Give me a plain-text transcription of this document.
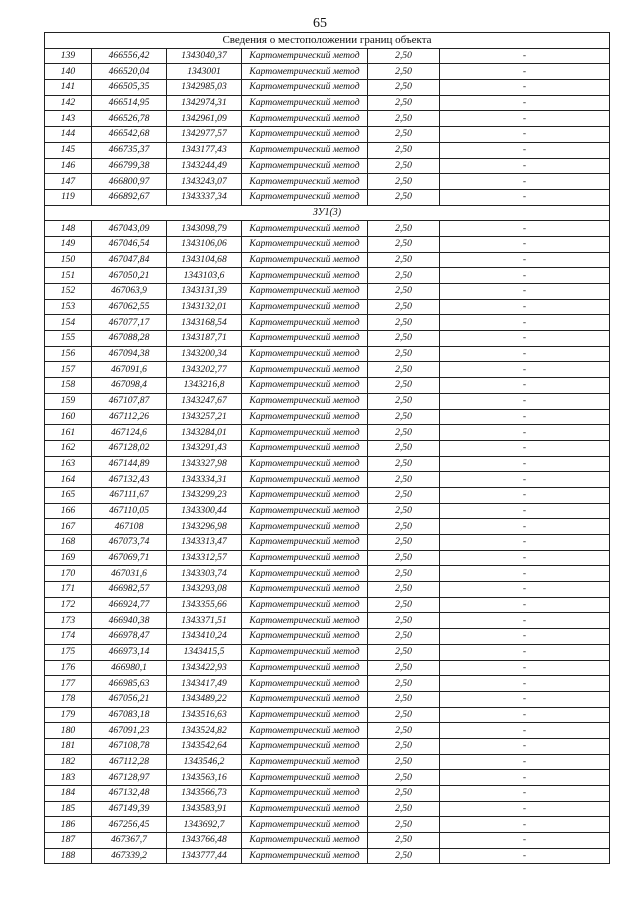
65
Сведения о местоположении границ объекта					
139	466556,42	1343040,37	Картометрический метод	2,50	-
140	466520,04	1343001	Картометрический метод	2,50	-
141	466505,35	1342985,03	Картометрический метод	2,50	-
142	466514,95	1342974,31	Картометрический метод	2,50	-
143	466526,78	1342961,09	Картометрический метод	2,50	-
144	466542,68	1342977,57	Картометрический метод	2,50	-
145	466735,37	1343177,43	Картометрический метод	2,50	-
146	466799,38	1343244,49	Картометрический метод	2,50	-
147	466800,97	1343243,07	Картометрический метод	2,50	-
119	466892,67	1343337,34	Картометрический метод	2,50	-
ЗУ1(3)					
148	467043,09	1343098,79	Картометрический метод	2,50	-
149	467046,54	1343106,06	Картометрический метод	2,50	-
150	467047,84	1343104,68	Картометрический метод	2,50	-
151	467050,21	1343103,6	Картометрический метод	2,50	-
152	467063,9	1343131,39	Картометрический метод	2,50	-
153	467062,55	1343132,01	Картометрический метод	2,50	-
154	467077,17	1343168,54	Картометрический метод	2,50	-
155	467088,28	1343187,71	Картометрический метод	2,50	-
156	467094,38	1343200,34	Картометрический метод	2,50	-
157	467091,6	1343202,77	Картометрический метод	2,50	-
158	467098,4	1343216,8	Картометрический метод	2,50	-
159	467107,87	1343247,67	Картометрический метод	2,50	-
160	467112,26	1343257,21	Картометрический метод	2,50	-
161	467124,6	1343284,01	Картометрический метод	2,50	-
162	467128,02	1343291,43	Картометрический метод	2,50	-
163	467144,89	1343327,98	Картометрический метод	2,50	-
164	467132,43	1343334,31	Картометрический метод	2,50	-
165	467111,67	1343299,23	Картометрический метод	2,50	-
166	467110,05	1343300,44	Картометрический метод	2,50	-
167	467108	1343296,98	Картометрический метод	2,50	-
168	467073,74	1343313,47	Картометрический метод	2,50	-
169	467069,71	1343312,57	Картометрический метод	2,50	-
170	467031,6	1343303,74	Картометрический метод	2,50	-
171	466982,57	1343293,08	Картометрический метод	2,50	-
172	466924,77	1343355,66	Картометрический метод	2,50	-
173	466940,38	1343371,51	Картометрический метод	2,50	-
174	466978,47	1343410,24	Картометрический метод	2,50	-
175	466973,14	1343415,5	Картометрический метод	2,50	-
176	466980,1	1343422,93	Картометрический метод	2,50	-
177	466985,63	1343417,49	Картометрический метод	2,50	-
178	467056,21	1343489,22	Картометрический метод	2,50	-
179	467083,18	1343516,63	Картометрический метод	2,50	-
180	467091,23	1343524,82	Картометрический метод	2,50	-
181	467108,78	1343542,64	Картометрический метод	2,50	-
182	467112,28	1343546,2	Картометрический метод	2,50	-
183	467128,97	1343563,16	Картометрический метод	2,50	-
184	467132,48	1343566,73	Картометрический метод	2,50	-
185	467149,39	1343583,91	Картометрический метод	2,50	-
186	467256,45	1343692,7	Картометрический метод	2,50	-
187	467367,7	1343766,48	Картометрический метод	2,50	-
188	467339,2	1343777,44	Картометрический метод	2,50	-
